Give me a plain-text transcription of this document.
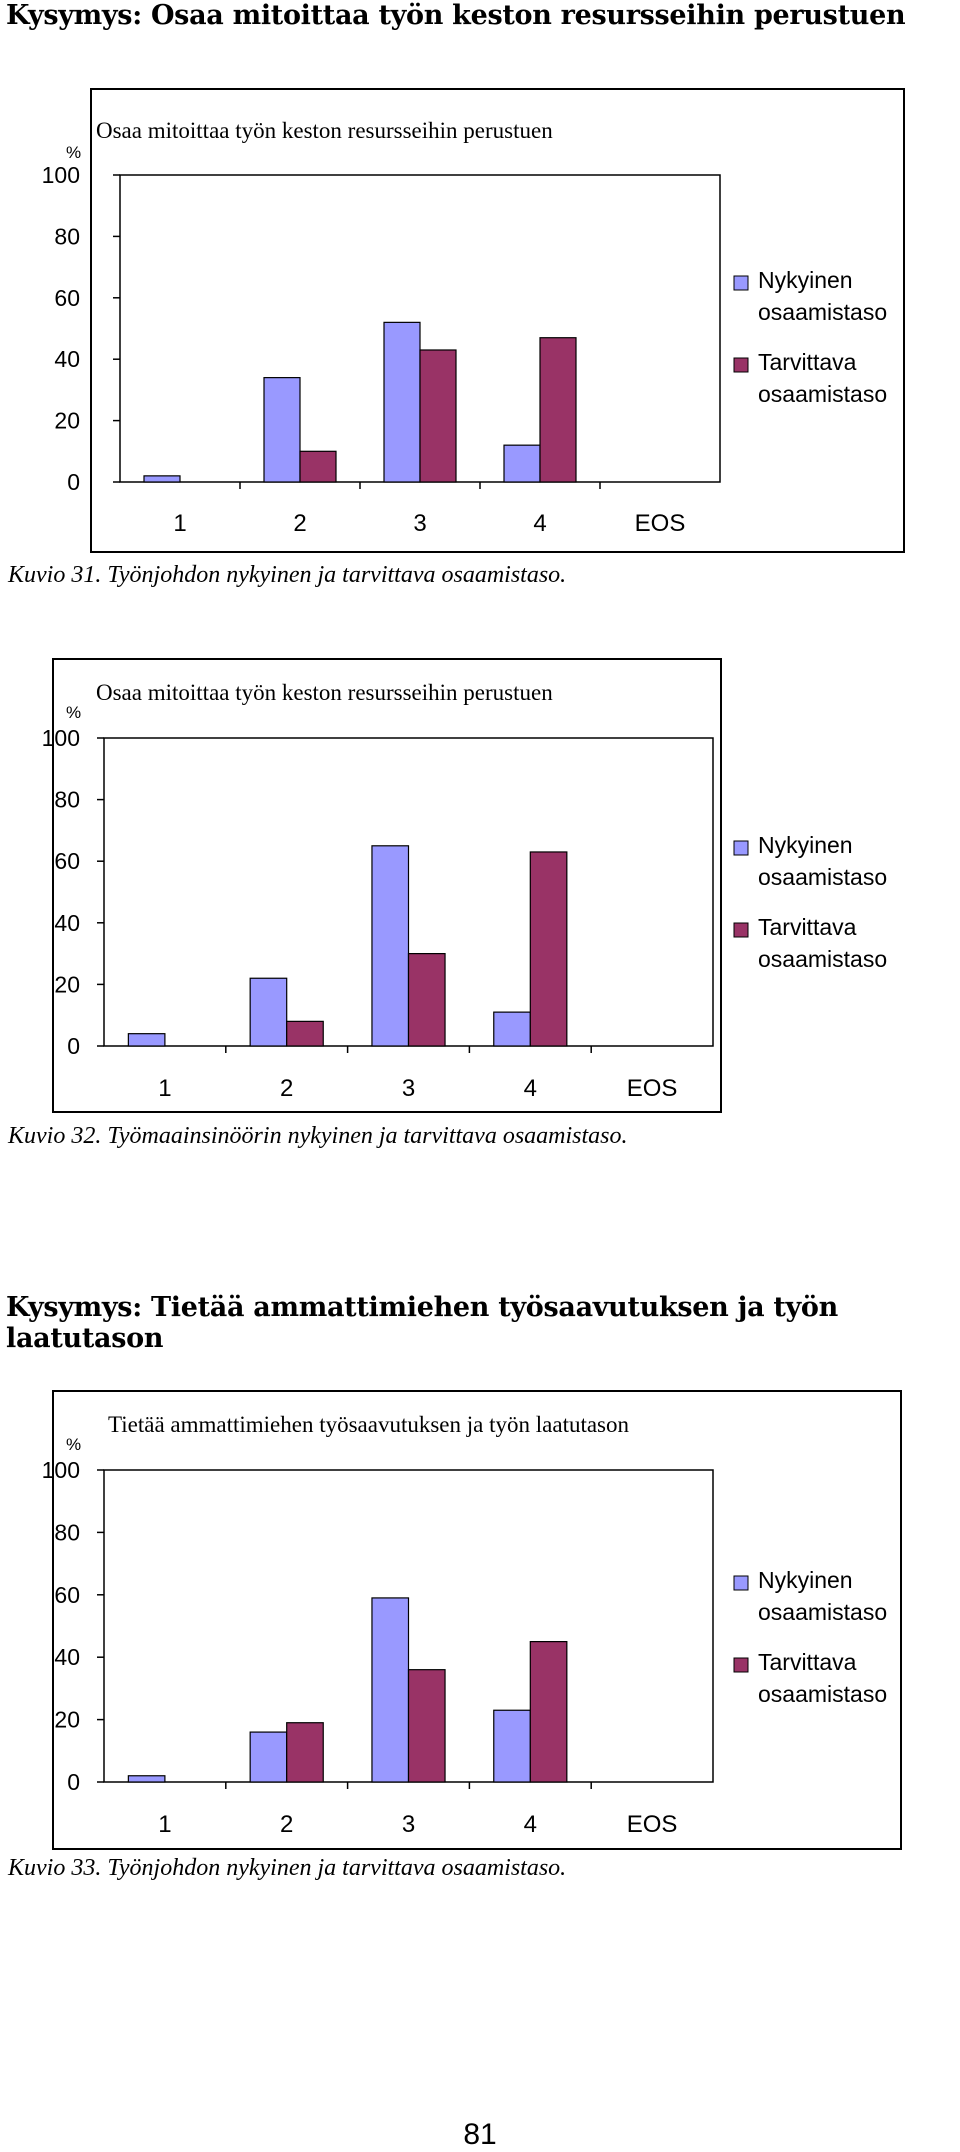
Kysymys: Osaa mitoittaa työn keston resursseihin perustuen
Osaa mitoittaa työn keston resursseihin perustuen
%
0
20
40
60
80
100
1	2	3	4	EOS
Nykyinen osaamistaso
Tarvittava osaamistaso

Kuvio 31. Työnjohdon nykyinen ja tarvittava osaamistaso.

Osaa mitoittaa työn keston resursseihin perustuen
%
0
20
40
60
80
100
1	2	3	4	EOS
Nykyinen osaamistaso
Tarvittava osaamistaso

Kuvio 32. Työmaainsinöörin nykyinen ja tarvittava osaamistaso.

Kysymys: Tietää ammattimiehen työsaavutuksen ja työn laatutason
Tietää ammattimiehen työsaavutuksen ja työn laatutason
%
0
20
40
60
80
100
1	2	3	4	EOS
Nykyinen osaamistaso
Tarvittava osaamistaso

Kuvio 33. Työnjohdon nykyinen ja tarvittava osaamistaso.

81
